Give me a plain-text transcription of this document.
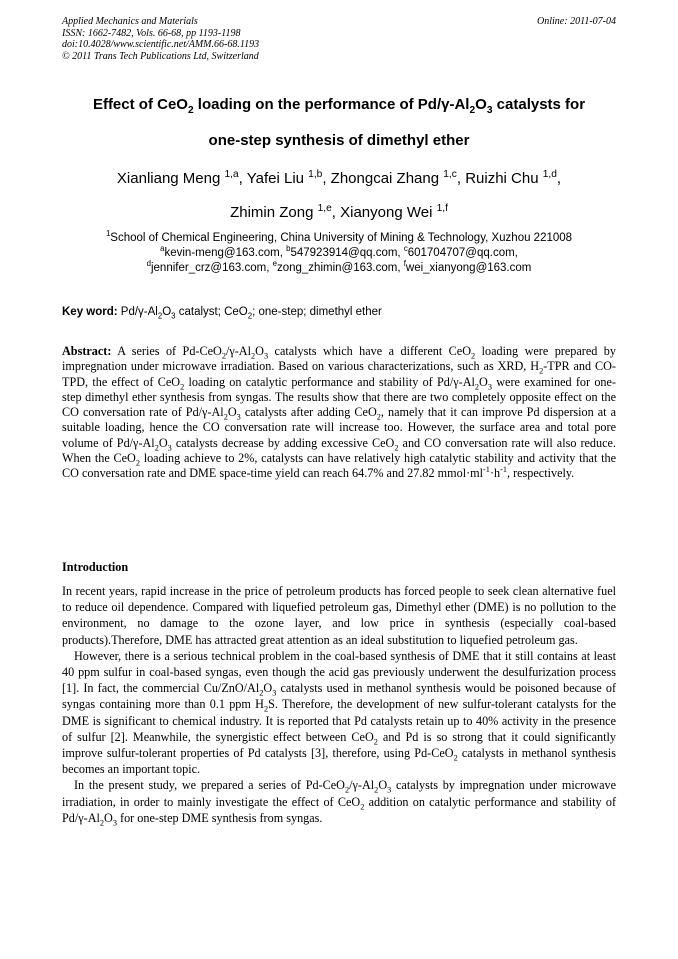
Applied Mechanics and Materials
ISSN: 1662-7482, Vols. 66-68, pp 1193-1198
doi:10.4028/www.scientific.net/AMM.66-68.1193
© 2011 Trans Tech Publications Ltd, Switzerland
Online: 2011-07-04
Effect of CeO$_2$ loading on the performance of $Pd/\gamma-Al_2O_3$ catalysts for
one-step synthesis of dimethyl ether
Xianliang Meng $^{1,a}$, Yafei Liu $^{1,b}$, Zhongcai Zhang $^{1,c}$, Ruizhi Chu $^{1,d}$,
Zhimin Zong $^{1,e}$, Xianyong Wei $^{1,f}$
$^1$School of Chemical Engineering, China University of Mining & Technology, Xuzhou 221008
$^a$kevin-meng@163.com, $^b$547923914@qq.com, $^c$601704707@qq.com,
$^d$jennifer_crz@163.com, $^e$zong_zhimin@163.com, $^f$wei_xianyong@163.com
Key word: $Pd/\gamma-Al_2O_3$ catalyst; CeO$_2$; one-step; dimethyl ether
Abstract: A series of $Pd-CeO_2/\gamma-Al_2O_3$ catalysts which have a different CeO$_2$ loading were prepared by impregnation under microwave irradiation. Based on various characterizations, such as XRD, $H_2$-TPR and CO-TPD, the effect of CeO$_2$ loading on catalytic performance and stability of $Pd/\gamma-Al_2O_3$ were examined for one-step dimethyl ether synthesis from syngas. The results show that there are two completely opposite effect on the CO conversation rate of $Pd/\gamma-Al_2O_3$ catalysts after adding CeO$_2$, namely that it can improve Pd dispersion at a suitable loading, hence the CO conversation rate will increase too. However, the surface area and total pore volume of $Pd/\gamma-Al_2O_3$ catalysts decrease by adding excessive CeO$_2$ and CO conversation rate will also reduce. When the CeO$_2$ loading achieve to 2%, catalysts can have relatively high catalytic stability and activity that the CO conversation rate and DME space-time yield can reach 64.7% and 27.82 $mmol\cdot ml^{-1}\cdot h^{-1}$, respectively.
Introduction

In recent years, rapid increase in the price of petroleum products has forced people to seek clean alternative fuel to reduce oil dependence. Compared with liquefied petroleum gas, Dimethyl ether (DME) is no pollution to the environment, no damage to the ozone layer, and low price in synthesis (especially coal-based products).Therefore, DME has attracted great attention as an ideal substitution to liquefied petroleum gas.

However, there is a serious technical problem in the coal-based synthesis of DME that it still contains at least 40 ppm sulfur in coal-based syngas, even though the acid gas previously underwent the desulfurization process [1]. In fact, the commercial $Cu/ZnO/Al_2O_3$ catalysts used in methanol synthesis would be poisoned because of syngas containing more than 0.1 ppm $H_2S$. Therefore, the development of new sulfur-tolerant catalysts for the DME is significant to chemical industry. It is reported that Pd catalysts retain up to 40% activity in the presence of sulfur [2]. Meanwhile, the synergistic effect between CeO$_2$ and Pd is so strong that it could significantly improve sulfur-tolerant properties of Pd catalysts [3], therefore, using Pd-CeO$_2$ catalysts in methanol synthesis becomes an important topic.

In the present study, we prepared a series of $Pd-CeO_2/\gamma-Al_2O_3$ catalysts by impregnation under microwave irradiation, in order to mainly investigate the effect of CeO$_2$ addition on catalytic performance and stability of $Pd/\gamma-Al_2O_3$ for one-step DME synthesis from syngas.
